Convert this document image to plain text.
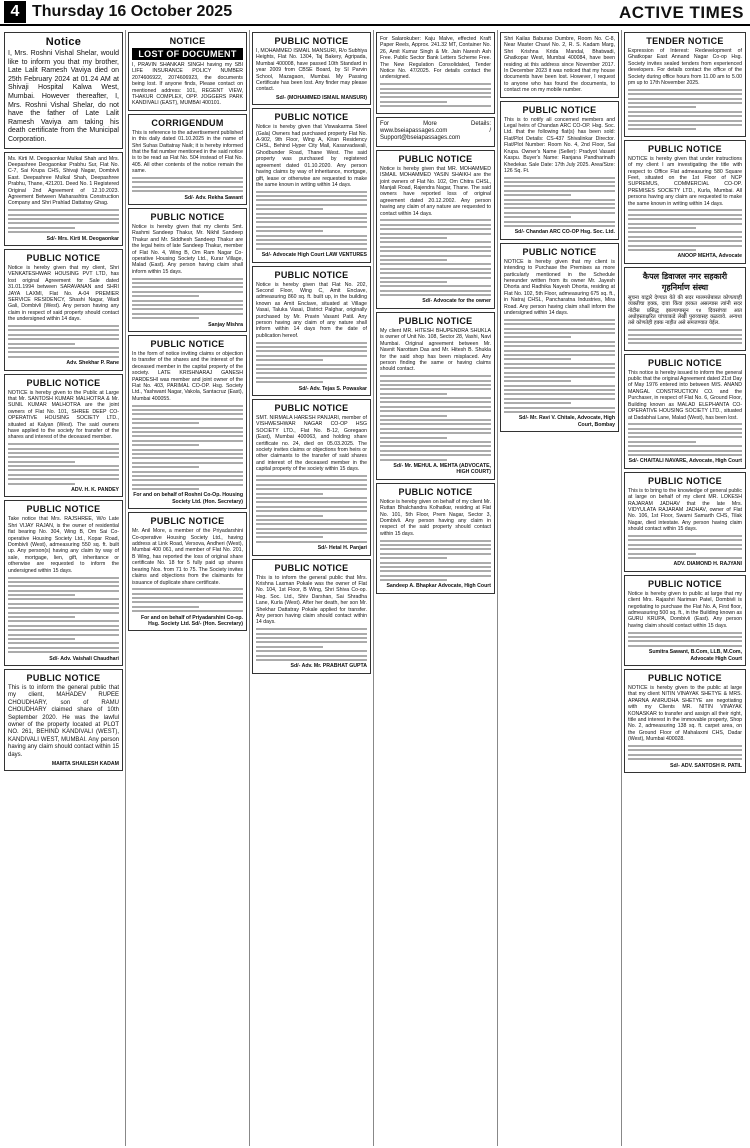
4 Thursday 16 October 2025	ACTIVE TIMES
Notice
I, Mrs. Roshni Vishal Shelar, would like to inform you that my brother, Late Lalit Ramesh Vaviya died on 25th February 2024 at 01.24 AM at Shivaji Hospital Kalwa West, Mumbai. However thereafter, I, Mrs. Roshni Vishal Shelar, do not have the father of Late Lalit Ramesh Vaviya am taking his death certificate from the Municipal Corporation.
Ms. Kirti M. Deogaonkar Mulkal Shah and Mrs. Deepashree Deogaonkar Prabhu Sur, Flat No. C-7, Sai Krupa CHS, Shivaji Nagar, Dombivli East. Deepashree Mulkal Shah, Deepashree Prabhu, Thane, 421201. Deed No. 1 Registered Original 2nd Agreement of 12.10.2023. Agreement Between Maharashtra Construction Company and Shri Prahlad Dattatray Ghag.
Sd/- Mrs. Kirti M. Deogaonkar
PUBLIC NOTICE
Notice is hereby given that my client, Shri VENKATESHWAR HOUSING PVT LTD, has lost original Agreement for Sale dated 31.01.1994 between SARAVANAN and SHRI JAYA LAXMI, Flat No. A-04 PREMIER SERVICE RESIDENCY, Shashi Nagar, Wadi Gali, Dombivli (West). Any person having any claim in respect of said property should contact the undersigned within 14 days.
Adv. Shekhar P. Rane
PUBLIC NOTICE
NOTICE is hereby given to the Public at Large that Mr. SANTOSH KUMAR MALHOTRA & Mr. SUNIL KUMAR MALHOTRA are the joint owners of Flat No. 101, SHREE DEEP CO-OPERATIVE HOUSING SOCIETY LTD., situated at Kalyan (West). The said owners have applied to the society for transfer of the shares and interest of the deceased member.
ADV. H. K. PANDEY
PUBLIC NOTICE
Take notice that Mrs. RAJSHREE, W/o Late Shri VIJAY RAJAN, is the owner of residential flat bearing No. 304, Wing B, Om Sai Co-operative Housing Society Ltd., Kopar Road, Dombivli (West), admeasuring 550 sq. ft. built up. Any person(s) having any claim by way of sale, mortgage, lien, gift, inheritance or otherwise are requested to inform the undersigned within 15 days.
Sd/- Adv. Vaishali Chaudhari
PUBLIC NOTICE
This is to inform the general public that my client, MAHADEV RUPEE CHOUDHARY, son of RAMU CHOUDHARY claimed share of 10th September 2020. He was the lawful owner of the property located at PLOT NO. 261, BEHIND KANDIVALI (WEST), KANDIVALI WEST, MUMBAI. Any person having any claim should contact within 15 days.
MAMTA SHAILESH KADAM
NOTICE
LOST OF DOCUMENT
I, PRAVIN SHANKAR SINGH having my SBI LIFE INSURANCE POLICY NUMBER 2074606922, 2074606923, the documents being lost. If anyone finds, Please contact on mentioned address: 101, REGENT VIEW, THAKUR COMPLEX, OPP. JOGGERS PARK KANDIVALI (EAST), MUMBAI 400101.
CORRIGENDUM
This is reference to the advertisement published in this daily dated 01.10.2025 in the name of Shri Suhas Dattatray Naik; it is hereby informed that the flat number mentioned in the said notice is to be read as Flat No. 504 instead of Flat No. 405. All other contents of the notice remain the same.
Sd/- Adv. Rekha Sawant
PUBLIC NOTICE
Notice is hereby given that my clients Smt. Rashmi Sandeep Thakur, Mr. Nikhil Sandeep Thakur and Mr. Siddhesh Sandeep Thakur are the legal heirs of late Sandeep Thakur, member of Flat No. 4, Wing B, Om Ram Nagar Co-operative Housing Society Ltd., Kurar Village, Malad (East). Any person having claim shall inform within 15 days.
Sanjay Mishra
PUBLIC NOTICE
In the form of notice inviting claims or objection to transfer of the shares and the interest of the deceased member in the capital property of the society. LATE KRISHNARAJ GANESH PARDESHI was member and joint owner of the Flat No. 403, PARIMAL CO-OP. Hsg. Society Ltd., Yashwant Nagar, Vakola, Santacruz (East), Mumbai 400055.
For and on behalf of Roshni Co-Op. Housing Society Ltd. (Hon. Secretary)
PUBLIC NOTICE
Mr. Anil More, a member of the Priyadarshini Co-operative Housing Society Ltd., having address at Link Road, Versova, Andheri (West), Mumbai 400 061, and member of Flat No. 201, B Wing, has reported the loss of original share certificate No. 18 for 5 fully paid up shares bearing Nos. from 71 to 75. The Society invites claims and objections from the claimants for issuance of duplicate share certificate.
For and on behalf of Priyadarshini Co-op. Hsg. Society Ltd. Sd/- (Hon. Secretary)
PUBLIC NOTICE
I, MOHAMMED ISMAIL MANSURI, R/o Subhiya Heights, Flat No. 1304, Taj Bakery, Agripada, Mumbai 400008, have passed 10th Standard in year 2009 from CBSE Board, by SI Parvin School, Mazagaon, Mumbai. My Passing Certificate has been lost. Any finder may please contact.
Sd/- (MOHAMMED ISMAIL MANSURI)
PUBLIC NOTICE
Notice is hereby given that Viswakarma Steel (Gala) Owners had purchased property Flat No. A-902, 9th Floor, Wing A, Kiran Residency CHSL, Behind Hyper City Mall, Kasarvadavali, Ghodbunder Road, Thane West. The said property was purchased by registered agreement dated 01.10.2020. Any person having claims by way of inheritance, mortgage, gift, lease or otherwise are requested to make the same known in writing within 14 days.
Sd/- Advocate High Court LAW VENTURES
PUBLIC NOTICE
Notice is hereby given that Flat No. 202, Second Floor, Wing C, Amit Enclave, admeasuring 860 sq. ft. built up, in the building known as Amit Enclave, situated at Village Vasai, Taluka Vasai, District Palghar, originally purchased by Mr. Pravin Vasant Patil. Any person having any claim of any nature shall inform within 14 days from the date of publication hereof.
Sd/- Adv. Tejas S. Powaskar
PUBLIC NOTICE
SMT. NIRMALA HARESH PANJARI, member of VISHWESHWAR NAGAR CO-OP HSG SOCIETY LTD., Flat No. B-12, Goregaon (East), Mumbai 400063, and holding share certificate no. 24, died on 05.03.2025. The society invites claims or objections from heirs or other claimants to the transfer of said shares and interest of the deceased member in the capital property of the society within 15 days.
Sd/- Hetal H. Panjari
PUBLIC NOTICE
This is to inform the general public that Mrs. Krishna Laxman Pokale was the owner of Flat No. 104, 1st Floor, B Wing, Shri Shiva Co-op. Hsg. Soc. Ltd., Shiv Darshan, Sai Shradha Lane, Kurla (West). After her death, her son Mr. Shekhar Dattatray Pokale applied for transfer. Any person having claim should contact within 14 days.
Sd/- Adv. Mr. PRABHAT GUPTA
For Salarokuber: Kaju Malve, effected Kraft Paper Reels, Approx. 241.32 MT, Container No. 26, Amit Kumar Singh & Mr. Jain Naresh Ash Free. Public Sector Bank Letters Scheme Free. The New Regulation Consolidated, Tender Notice No. 47/2025. For details contact the undersigned.
For More Details: www.bseiapassages.com / Support@bseiapassages.com
PUBLIC NOTICE
Notice is hereby given that MR. MOHAMMED ISMAIL MOHAMMED YASIN SHAIKH are the joint owners of Flat No. 102, Om Chitra CHSL, Manjali Road, Rajendra Nagar, Thane. The said owners have reported loss of original agreement dated 20.12.2002. Any person having any claim of any nature are requested to contact within 14 days.
Sd/- Advocate for the owner
PUBLIC NOTICE
My client MR. HITESH BHUPENDRA SHUKLA is owner of Unit No. 108, Sector 28, Vashi, Navi Mumbai. Original agreement between Mr. Navnit Narottam Das and Mr. Hitesh B. Shukla for the said shop has been misplaced. Any person finding the same or having claims should contact.
Sd/- Mr. MEHUL A. MEHTA (ADVOCATE, HIGH COURT)
PUBLIC NOTICE
Notice is hereby given on behalf of my client Mr. Ruttan Bhalchandra Kolhatkar, residing at Flat No. 101, 5th Floor, Prem Nagar, Sector 3, Dombivli. Any person having any claim in respect of the said property should contact within 15 days.
Sandeep A. Bhapkar Advocate, High Court
Shri Kailas Baburao Dumbre, Room No. C-8, Near Master Chawl No. 2, R. S. Kadam Marg, Shri Krishna Krida Mandal, Bhatwadi, Ghatkopar West, Mumbai 400084, have been residing at this address since November 2017. In December 2023 it was noticed that my house documents have been lost. However, I request to anyone who has found the documents, to contact me on my mobile number.
PUBLIC NOTICE
This is to notify all concerned members and Legal heirs of Chandan ARC CO-OP. Hsg. Soc. Ltd. that the following flat(s) has been sold: Flat/Plot Details: CS-437 Shivalinkar Director. Flat/Plot Number: Room No. 4, 2nd Floor, Sai Krupa. Owner's Name (Seller): Pradyot Vasant Kaspu. Buyer's Name: Ranjana Pandharinath Khedekar. Sale Date: 17th July 2025. Area/Size: 126 Sq. Ft.
Sd/- Chandan ARC CO-OP Hsg. Soc. Ltd.
PUBLIC NOTICE
NOTICE is hereby given that my client is intending to Purchase the Premises as more particularly mentioned in the Schedule hereunder written from its owner Mr. Jayesh Dhorta and Radhika Nayesh Dhorta, residing at Flat No. 102, 5th Floor, admeasuring 675 sq. ft., in Natraj CHSL, Pancharatna Industries, Mira Road. Any person having claim shall inform the undersigned within 14 days.
Sd/- Mr. Ravi V. Chitale, Advocate, High Court, Bombay
TENDER NOTICE
Expression of Interest: Redevelopment of Ghatkopar East Annand Nagar Co-op Hsg. Society invites sealed tenders from experienced developers. For details contact the office of the Society during office hours from 11.00 am to 5.00 pm up to 17th November 2025.
PUBLIC NOTICE
NOTICE is hereby given that under instructions of my client I am investigating the title with respect to Office Flat admeasuring 580 Square Feet, situated on the 1st Floor of NCP SUPREMUS, COMMERCIAL CO-OP. PREMISES SOCIETY LTD., Kurla, Mumbai. All persons having any claim are requested to make the same known in writing within 14 days.
ANOOP MEHTA, Advocate
कैपल डिवाजल नगर सहकारी गृहनिर्माण संस्था
सूचना याद्वारे देण्यात येते की सदर मालमत्तेबाबत कोणत्याही व्यक्तीचा हक्क, दावा किंवा हरकत असल्यास त्यांनी सदर नोटीस प्रसिद्ध झाल्यापासून १४ दिवसांच्या आत अधोहस्ताक्षरित यांच्याकडे लेखी पुराव्यासह कळवावे. अन्यथा तसे कोणतेही हक्क नाहीत असे समजण्यात येईल.
PUBLIC NOTICE
This notice is hereby issued to inform the general public that the original Agreement dated 21st Day of May 1976 entered into between M/S. ANAND MANGAL CONSTRUCTION CO. and the Purchaser, in respect of Flat No. 6, Ground Floor, Building known as MALAD ELEPHANTA CO-OPERATIVE HOUSING SOCIETY LTD., situated at Dadabhai Lane, Malad (West), has been lost.
Sd/- CHAITALI NAVARE, Advocate, High Court
PUBLIC NOTICE
This is to bring to the knowledge of general public at large on behalf of my client MR. LOKESH RAJARAM JADHAV that the late Mrs. VIDYULATA RAJARAM JADHAV, owner of Flat No. 106, 1st Floor, Swami Samarth CHS, Tilak Nagar, died intestate. Any person having claim should contact within 15 days.
ADV. DIAMOND H. RAJYANI
PUBLIC NOTICE
Notice is hereby given to public at large that my client Mrs. Rajashri Nariman Patel, Dombivli is negotiating to purchase the Flat No. A, First floor, admeasuring 500 sq. ft., in the Building known as GURU KRUPA, Dombivli (East). Any person having claim should contact within 15 days.
Sumitra Sawant, B.Com, LLB, M.Com, Advocate High Court
PUBLIC NOTICE
NOTICE is hereby given to the public at large that my client NITIN VINAYAK SHETYE & MRS. APARNA ANIRUDHA SHETYE are negotiating with my Clients MR. NITIN VINAYAK KONASKAR to transfer and assign all their right, title and interest in the immovable property, Shop No. 2, admeasuring 138 sq. ft. carpet area, on the Ground Floor of Mahalaxmi CHS, Dadar (West), Mumbai 400028.
Sd/- ADV. SANTOSH R. PATIL
